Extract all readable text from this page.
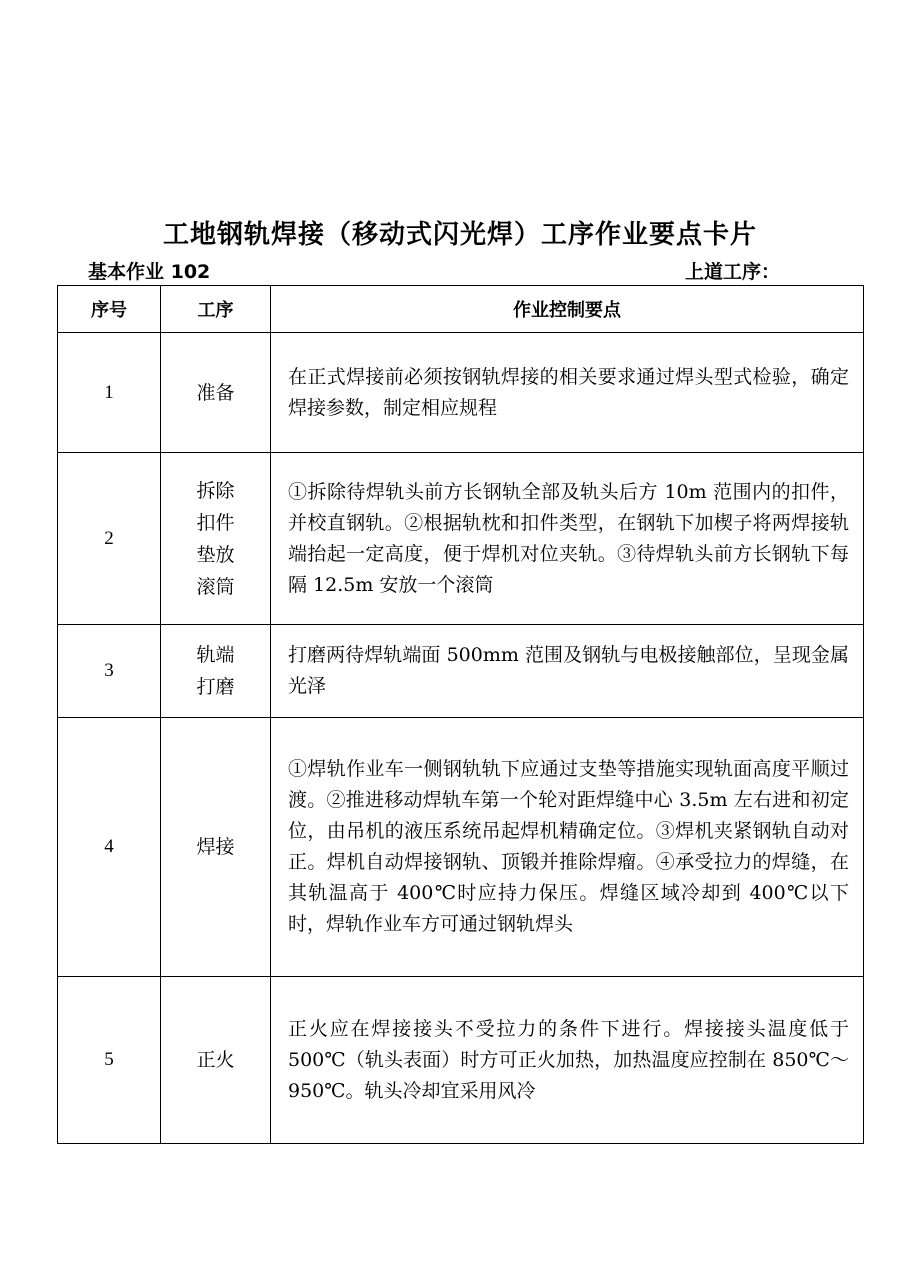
工地钢轨焊接（移动式闪光焊）工序作业要点卡片
基本作业 102	上道工序：
序号	工序	作业控制要点
1	准备	在正式焊接前必须按钢轨焊接的相关要求通过焊头型式检验，确定焊接参数，制定相应规程
2	拆除
扣件
垫放
滚筒	①拆除待焊轨头前方长钢轨全部及轨头后方 10m 范围内的扣件，并校直钢轨。②根据轨枕和扣件类型，在钢轨下加楔子将两焊接轨端抬起一定高度，便于焊机对位夹轨。③待焊轨头前方长钢轨下每隔 12.5m 安放一个滚筒
3	轨端
打磨	打磨两待焊轨端面 500mm 范围及钢轨与电极接触部位，呈现金属光泽
4	焊接	①焊轨作业车一侧钢轨轨下应通过支垫等措施实现轨面高度平顺过渡。②推进移动焊轨车第一个轮对距焊缝中心 3.5m 左右进和初定位，由吊机的液压系统吊起焊机精确定位。③焊机夹紧钢轨自动对正。焊机自动焊接钢轨、顶锻并推除焊瘤。④承受拉力的焊缝，在其轨温高于 400℃时应持力保压。焊缝区域冷却到 400℃以下时，焊轨作业车方可通过钢轨焊头
5	正火	正火应在焊接接头不受拉力的条件下进行。焊接接头温度低于 500℃（轨头表面）时方可正火加热，加热温度应控制在 850℃～950℃。轨头冷却宜采用风冷
